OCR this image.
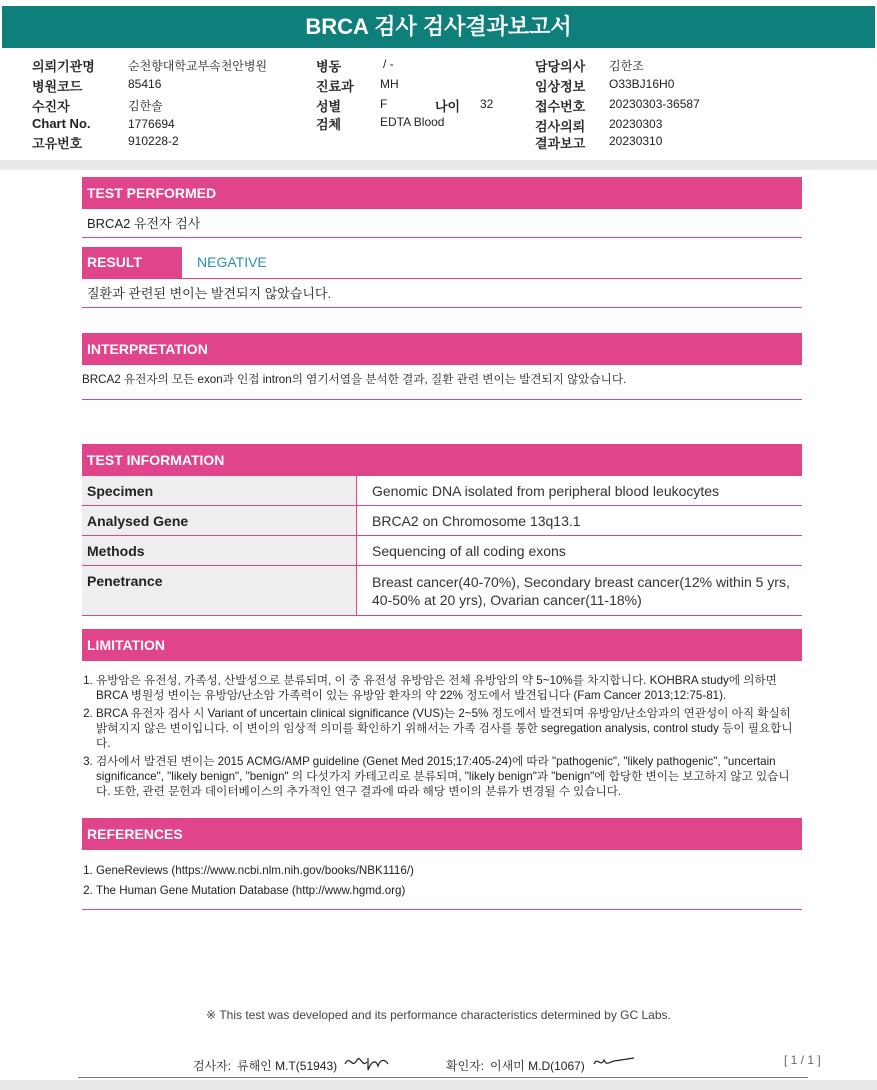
BRCA 검사 검사결과보고서
의뢰기관명	순천향대학교부속천안병원
병원코드	85416
수진자	김한솔
Chart No.	1776694
고유번호	910228-2
병동	/ -
진료과 MH
성별	F	나이 32
검체	EDTA Blood
담당의사 김한조
임상정보 O33BJ16H0
접수번호 20230303-36587
검사의뢰 20230303
결과보고 20230310
TEST PERFORMED
BRCA2 유전자 검사
RESULT	NEGATIVE
질환과 관련된 변이는 발견되지 않았습니다.
INTERPRETATION
BRCA2 유전자의 모든 exon과 인접 intron의 염기서열을 분석한 결과, 질환 관련 변이는 발견되지 않았습니다.
TEST INFORMATION
Specimen	Genomic DNA isolated from peripheral blood leukocytes
Analysed Gene	BRCA2 on Chromosome 13q13.1
Methods	Sequencing of all coding exons
Penetrance	Breast cancer(40-70%), Secondary breast cancer(12% within 5 yrs, 40-50% at 20 yrs), Ovarian cancer(11-18%)
LIMITATION
1. 유방암은 유전성, 가족성, 산발성으로 분류되며, 이 중 유전성 유방암은 전체 유방암의 약 5~10%를 차지합니다. KOHBRA study에 의하면 BRCA 병원성 변이는 유방암/난소암 가족력이 있는 유방암 환자의 약 22% 정도에서 발견됩니다 (Fam Cancer 2013;12:75-81).
2. BRCA 유전자 검사 시 Variant of uncertain clinical significance (VUS)는 2~5% 정도에서 발견되며 유방암/난소암과의 연관성이 아직 확실히 밝혀지지 않은 변이입니다. 이 변이의 임상적 의미를 확인하기 위해서는 가족 검사를 통한 segregation analysis, control study 등이 필요합니다.
3. 검사에서 발견된 변이는 2015 ACMG/AMP guideline (Genet Med 2015;17:405-24)에 따라 "pathogenic", "likely pathogenic", "uncertain significance", "likely benign", "benign" 의 다섯가지 카테고리로 분류되며, "likely benign"과 "benign"에 합당한 변이는 보고하지 않고 있습니다. 또한, 관련 문헌과 데이터베이스의 추가적인 연구 결과에 따라 해당 변이의 분류가 변경될 수 있습니다.
REFERENCES
1. GeneReviews (https://www.ncbi.nlm.nih.gov/books/NBK1116/)
2. The Human Gene Mutation Database (http://www.hgmd.org)
※ This test was developed and its performance characteristics determined by GC Labs.
검사자: 류해인 M.T(51943)	확인자: 이새미 M.D(1067)	[ 1 / 1 ]
